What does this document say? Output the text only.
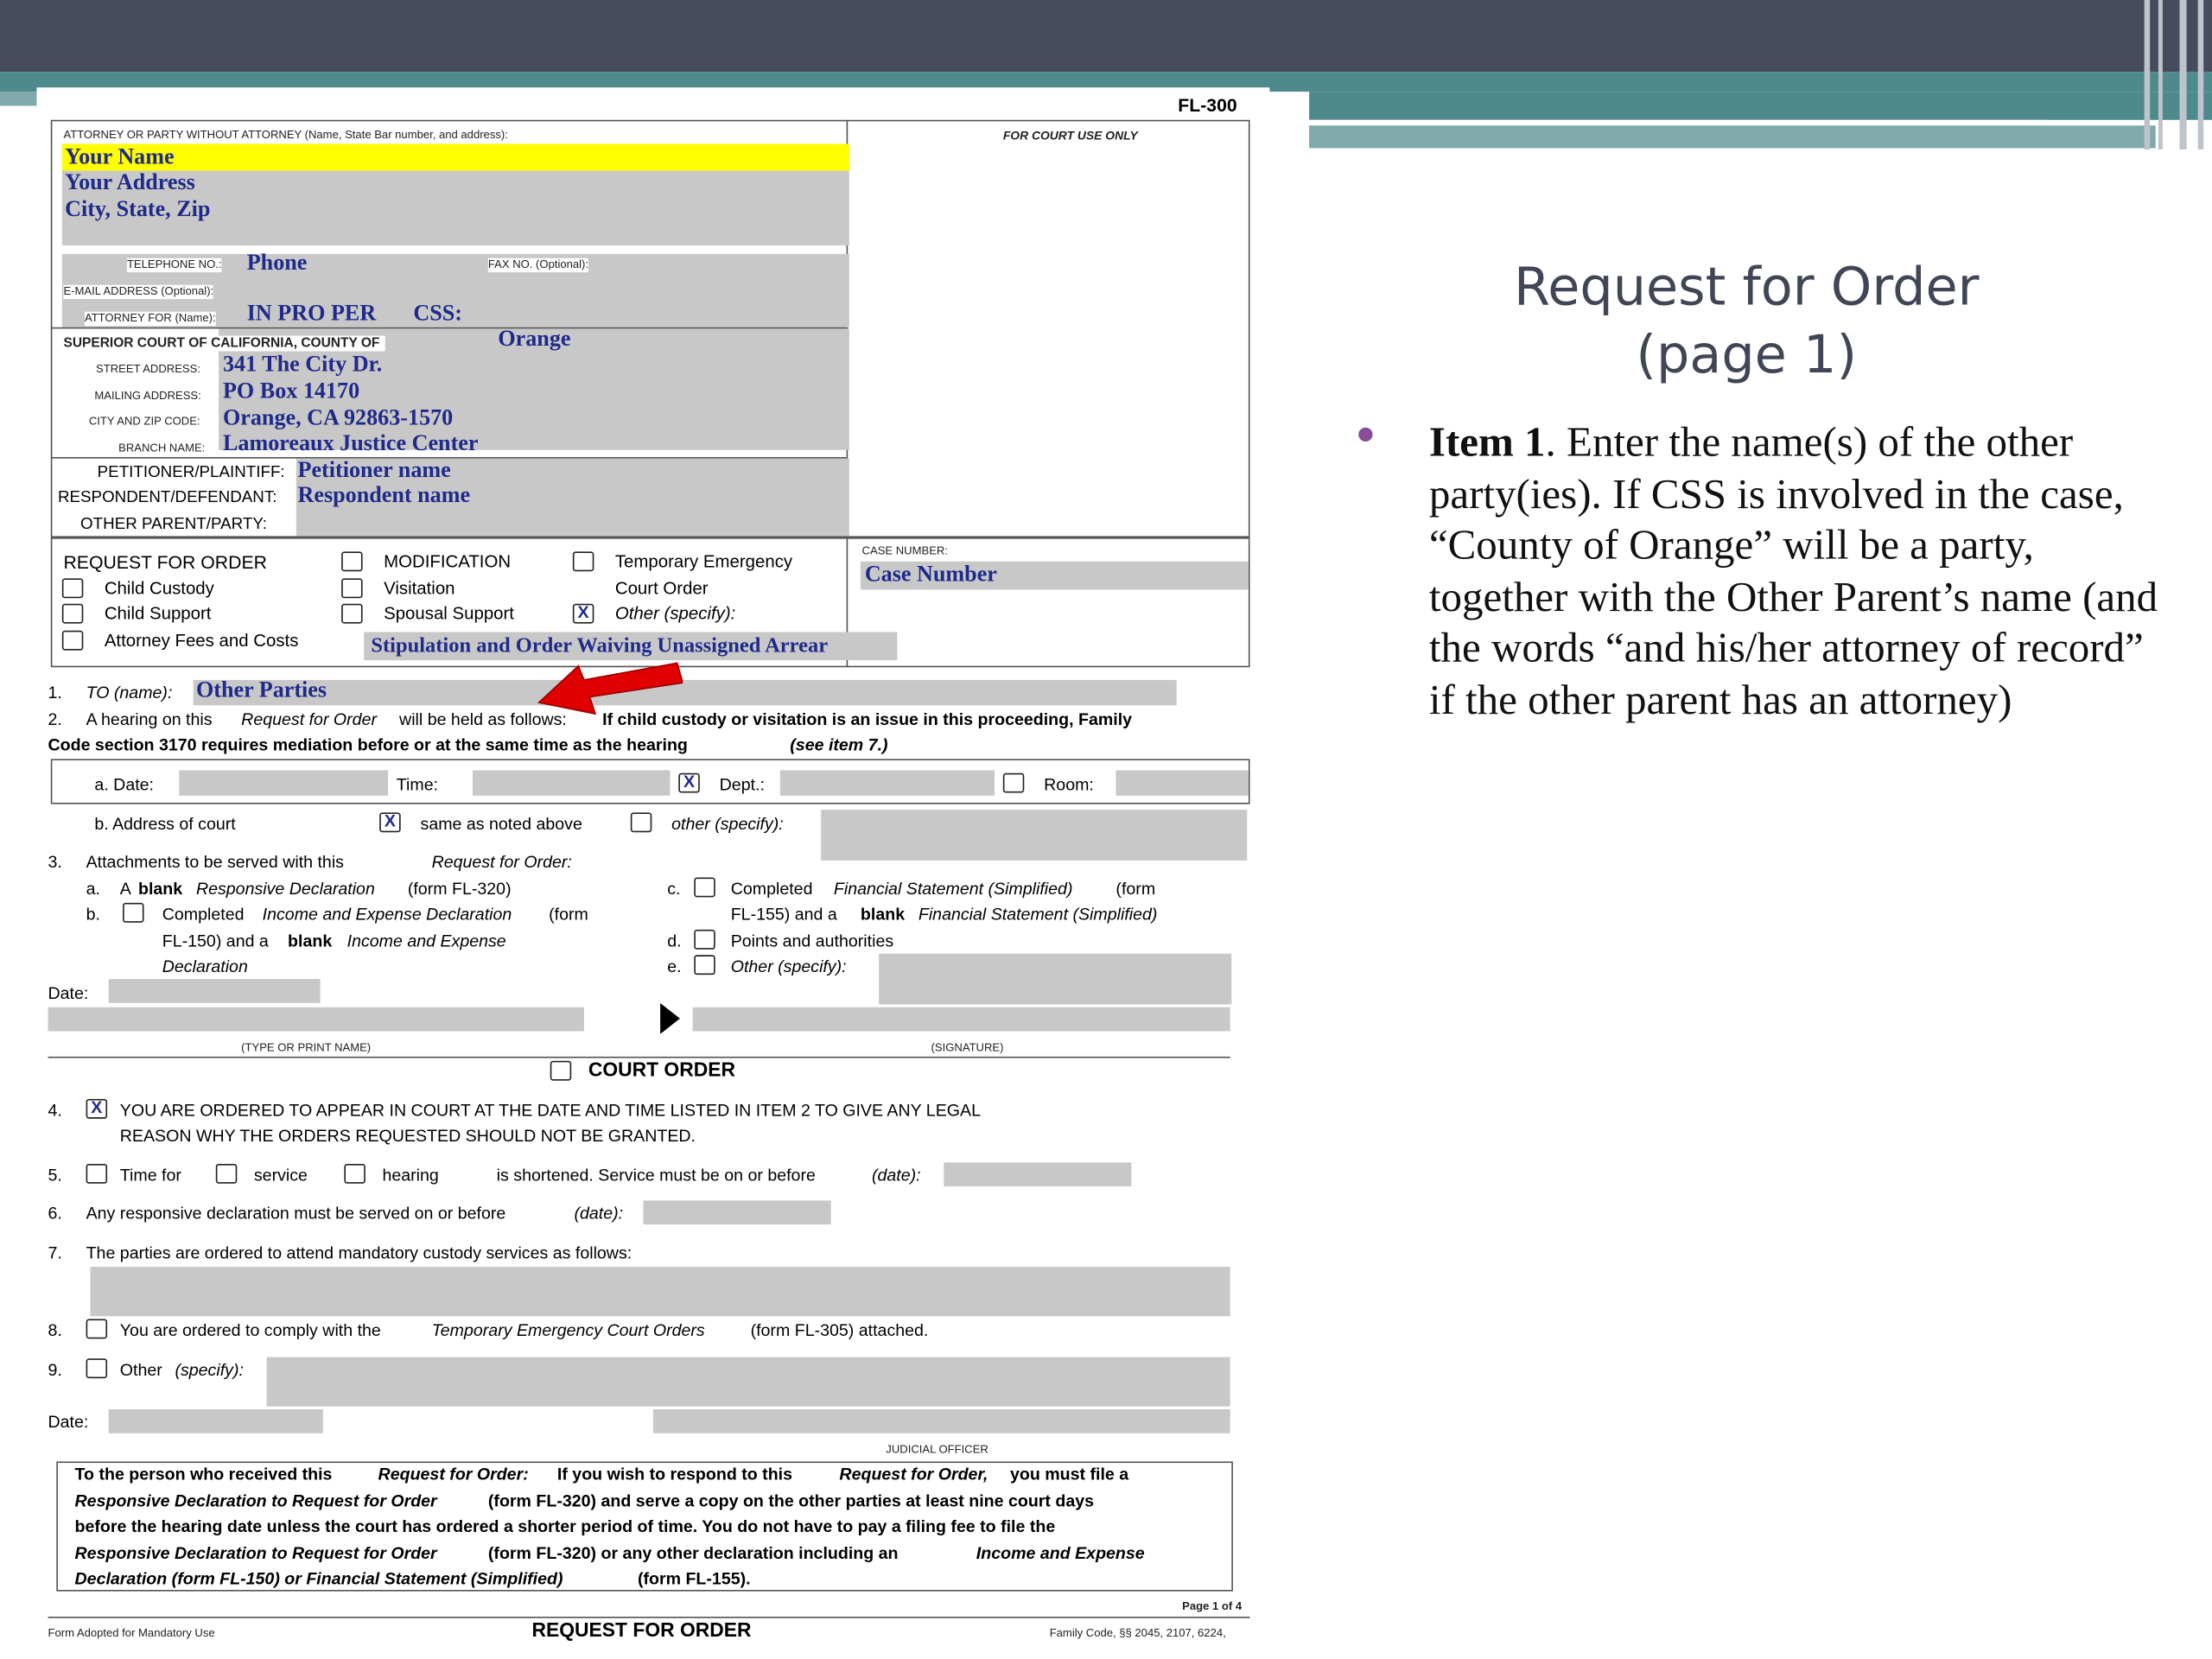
Request for Order
(page 1)
Item 1. Enter the name(s) of the other party(ies). If CSS is involved in the case, “County of Orange” will be a party, together with the Other Parent’s name (and the words “and his/her attorney of record” if the other parent has an attorney)
FL-300
FOR COURT USE ONLY
ATTORNEY OR PARTY WITHOUT ATTORNEY (Name, State Bar number, and address):
Your Name
Your Address
City, State, Zip
TELEPHONE NO.: Phone	FAX NO. (Optional):
E-MAIL ADDRESS (Optional):
ATTORNEY FOR (Name): IN PRO PER	CSS:
SUPERIOR COURT OF CALIFORNIA, COUNTY OF	Orange
STREET ADDRESS: 341 The City Dr.
MAILING ADDRESS: PO Box 14170
CITY AND ZIP CODE: Orange, CA 92863-1570
BRANCH NAME: Lamoreaux Justice Center
PETITIONER/PLAINTIFF: Petitioner name
RESPONDENT/DEFENDANT: Respondent name
OTHER PARENT/PARTY:
REQUEST FOR ORDER
Child Custody
Child Support
Attorney Fees and Costs
MODIFICATION
Visitation
Spousal Support
Temporary Emergency
Court Order
X	Other (specify):
Stipulation and Order Waiving Unassigned Arrear
CASE NUMBER:
Case Number
1. TO (name): Other Parties
2. A hearing on this	Request for Order will be held as follows:	If child custody or visitation is an issue in this proceeding, Family
Code section 3170 requires mediation before or at the same time as the hearing	(see item 7.)
a. Date:	Time:	X	Dept.:	Room:
b. Address of court	X	same as noted above	other (specify):
3. Attachments to be served with this	Request for Order:
a. A blank Responsive Declaration	(form FL-320)
b.	Completed Income and Expense Declaration	(form
FL-150) and a blank Income and Expense
Declaration
c.	Completed Financial Statement (Simplified)	(form
FL-155) and a blank Financial Statement (Simplified)
d.	Points and authorities
e.	Other (specify):
Date:
(TYPE OR PRINT NAME)	(SIGNATURE)
COURT ORDER
4.	X	YOU ARE ORDERED TO APPEAR IN COURT AT THE DATE AND TIME LISTED IN ITEM 2 TO GIVE ANY LEGAL
REASON WHY THE ORDERS REQUESTED SHOULD NOT BE GRANTED.
5.	Time for	service	hearing	is shortened. Service must be on or before	(date):
6. Any responsive declaration must be served on or before	(date):
7. The parties are ordered to attend mandatory custody services as follows:
8.	You are ordered to comply with the	Temporary Emergency Court Orders	(form FL-305) attached.
9.	Other (specify):
Date:
JUDICIAL OFFICER
To the person who received this	Request for Order:	If you wish to respond to this	Request for Order, you must file a
Responsive Declaration to Request for Order	(form FL-320) and serve a copy on the other parties at least nine court days
before the hearing date unless the court has ordered a shorter period of time. You do not have to pay a filing fee to file the
Responsive Declaration to Request for Order	(form FL-320) or any other declaration including an	Income and Expense
Declaration (form FL-150) or Financial Statement (Simplified)	(form FL-155).
Page 1 of 4
Form Adopted for Mandatory Use	REQUEST FOR ORDER	Family Code, §§ 2045, 2107, 6224,
